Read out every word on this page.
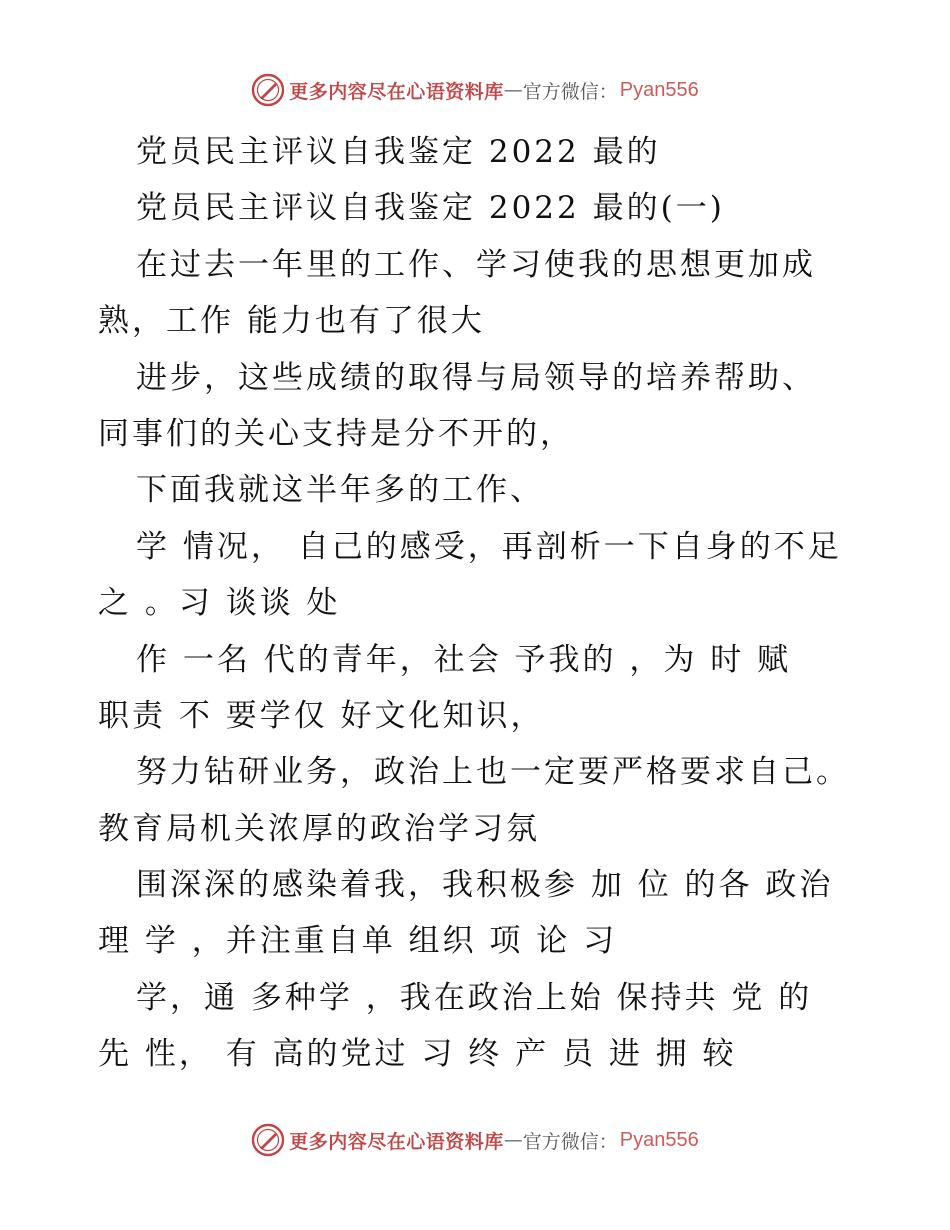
更多内容尽在心语资料库 — 官方微信： Pyan556
党员民主评议自我鉴定 2022 最的
党员民主评议自我鉴定 2022 最的(一)
在过去一年里的工作、学习使我的思想更加成
熟，工作 能力也有了很大
进步，这些成绩的取得与局领导的培养帮助、
同事们的关心支持是分不开的，
下面我就这半年多的工作、
学 情况， 自己的感受，再剖析一下自身的不足
之 。习 谈谈 处
作 一名 代的青年，社会 予我的 ，为 时 赋
职责 不 要学仅 好文化知识，
努力钻研业务，政治上也一定要严格要求自己。
教育局机关浓厚的政治学习氛
围深深的感染着我，我积极参 加 位 的各 政治
理 学 ，并注重自单 组织 项 论 习
学，通 多种学 ，我在政治上始 保持共 党 的
先 性， 有 高的党过 习 终 产 员 进 拥 较
更多内容尽在心语资料库 — 官方微信： Pyan556
